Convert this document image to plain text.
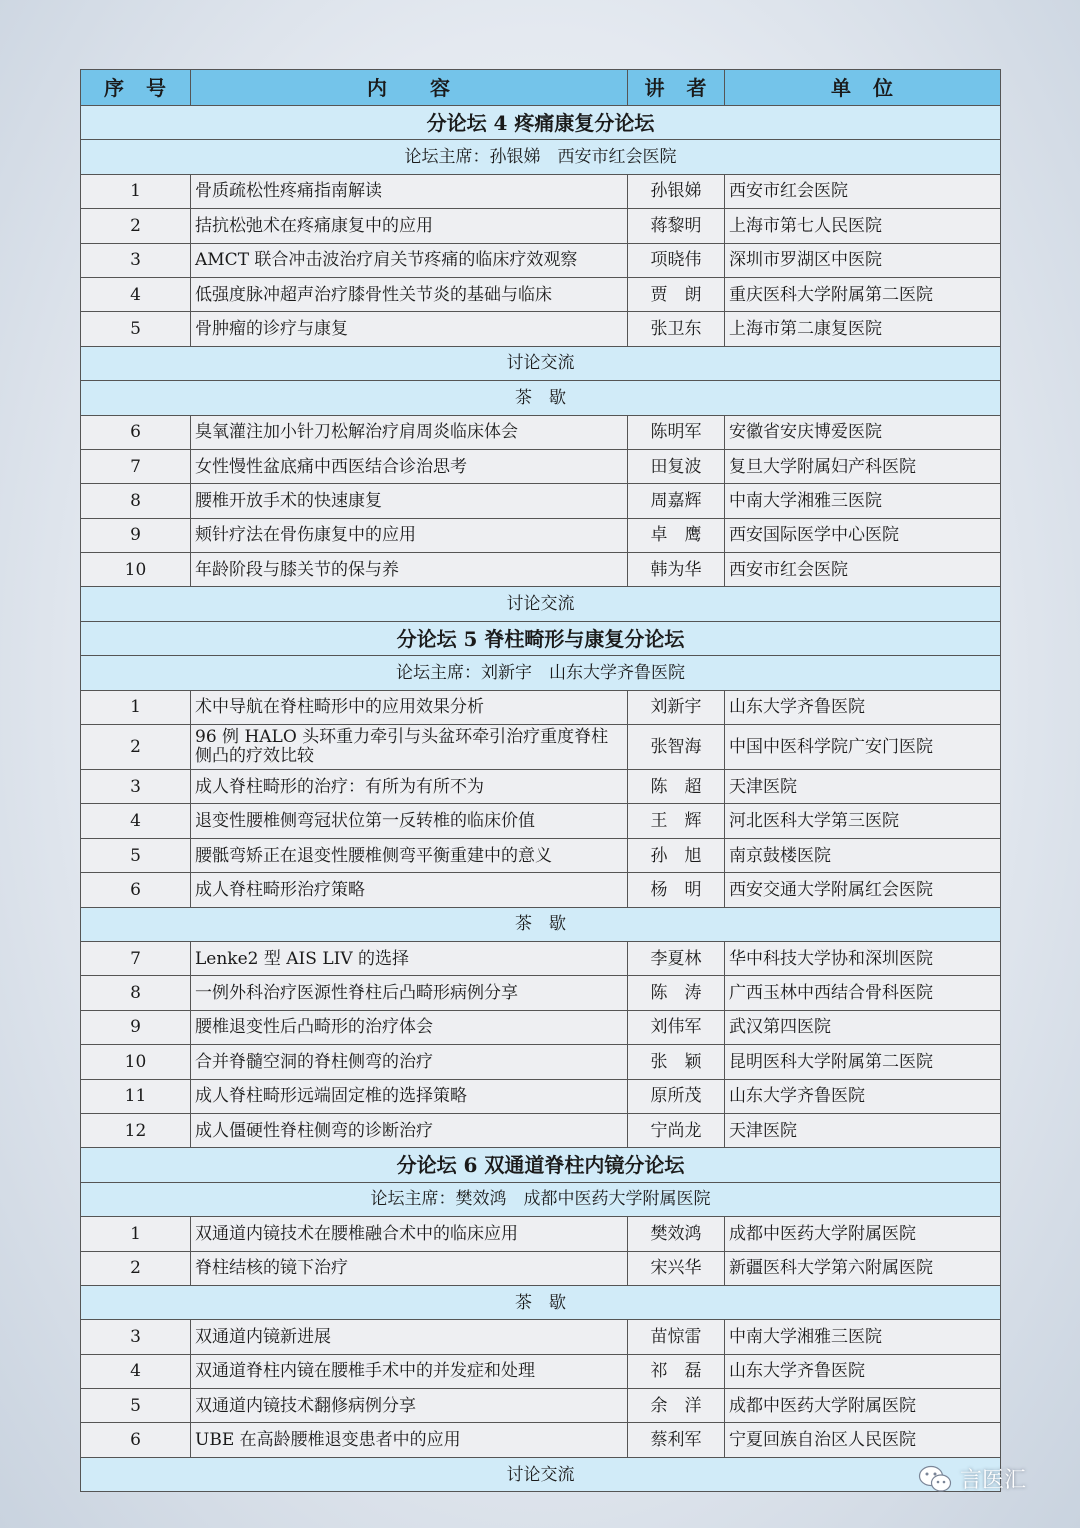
序　号	内　　容	讲　者	单　位
分论坛 4 疼痛康复分论坛			
论坛主席：孙银娣　西安市红会医院			
1	骨质疏松性疼痛指南解读	孙银娣	西安市红会医院
2	拮抗松弛术在疼痛康复中的应用	蒋黎明	上海市第七人民医院
3	AMCT 联合冲击波治疗肩关节疼痛的临床疗效观察	项晓伟	深圳市罗湖区中医院
4	低强度脉冲超声治疗膝骨性关节炎的基础与临床	贾　朗	重庆医科大学附属第二医院
5	骨肿瘤的诊疗与康复	张卫东	上海市第二康复医院
讨论交流			
茶　歇			
6	臭氧灌注加小针刀松解治疗肩周炎临床体会	陈明军	安徽省安庆博爱医院
7	女性慢性盆底痛中西医结合诊治思考	田复波	复旦大学附属妇产科医院
8	腰椎开放手术的快速康复	周嘉辉	中南大学湘雅三医院
9	颊针疗法在骨伤康复中的应用	卓　鹰	西安国际医学中心医院
10	年龄阶段与膝关节的保与养	韩为华	西安市红会医院
讨论交流			
分论坛 5 脊柱畸形与康复分论坛			
论坛主席：刘新宇　山东大学齐鲁医院			
1	术中导航在脊柱畸形中的应用效果分析	刘新宇	山东大学齐鲁医院
2	96 例 HALO 头环重力牵引与头盆环牵引治疗重度脊柱侧凸的疗效比较	张智海	中国中医科学院广安门医院
3	成人脊柱畸形的治疗：有所为有所不为	陈　超	天津医院
4	退变性腰椎侧弯冠状位第一反转椎的临床价值	王　辉	河北医科大学第三医院
5	腰骶弯矫正在退变性腰椎侧弯平衡重建中的意义	孙　旭	南京鼓楼医院
6	成人脊柱畸形治疗策略	杨　明	西安交通大学附属红会医院
茶　歇			
7	Lenke2 型 AIS LIV 的选择	李夏林	华中科技大学协和深圳医院
8	一例外科治疗医源性脊柱后凸畸形病例分享	陈　涛	广西玉林中西结合骨科医院
9	腰椎退变性后凸畸形的治疗体会	刘伟军	武汉第四医院
10	合并脊髓空洞的脊柱侧弯的治疗	张　颖	昆明医科大学附属第二医院
11	成人脊柱畸形远端固定椎的选择策略	原所茂	山东大学齐鲁医院
12	成人僵硬性脊柱侧弯的诊断治疗	宁尚龙	天津医院
分论坛 6 双通道脊柱内镜分论坛			
论坛主席：樊效鸿　成都中医药大学附属医院			
1	双通道内镜技术在腰椎融合术中的临床应用	樊效鸿	成都中医药大学附属医院
2	脊柱结核的镜下治疗	宋兴华	新疆医科大学第六附属医院
茶　歇			
3	双通道内镜新进展	苗惊雷	中南大学湘雅三医院
4	双通道脊柱内镜在腰椎手术中的并发症和处理	祁　磊	山东大学齐鲁医院
5	双通道内镜技术翻修病例分享	余　洋	成都中医药大学附属医院
6	UBE 在高龄腰椎退变患者中的应用	蔡利军	宁夏回族自治区人民医院
讨论交流				言医汇
